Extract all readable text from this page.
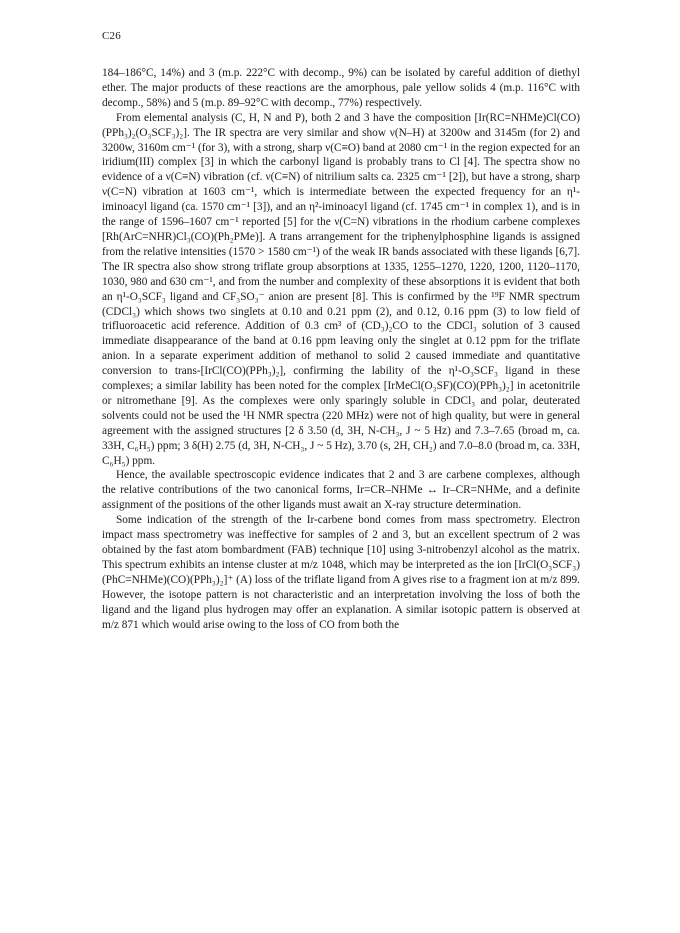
C26

184–186°C, 14%) and 3 (m.p. 222°C with decomp., 9%) can be isolated by careful addition of diethyl ether. The major products of these reactions are the amorphous, pale yellow solids 4 (m.p. 116°C with decomp., 58%) and 5 (m.p. 89–92°C with decomp., 77%) respectively.

From elemental analysis (C, H, N and P), both 2 and 3 have the composition [Ir(RC=NHMe)Cl(CO)(PPh₃)₂(O₃SCF₃)₂]. The IR spectra are very similar and show ν(N–H) at 3200w and 3145m (for 2) and 3200w, 3160m cm⁻¹ (for 3), with a strong, sharp ν(C≡O) band at 2080 cm⁻¹ in the region expected for an iridium(III) complex [3] in which the carbonyl ligand is probably trans to Cl [4]. The spectra show no evidence of a ν(C≡N) vibration (cf. ν(C≡N) of nitrilium salts ca. 2325 cm⁻¹ [2]), but have a strong, sharp ν(C=N) vibration at 1603 cm⁻¹, which is intermediate between the expected frequency for an η¹-iminoacyl ligand (ca. 1570 cm⁻¹ [3]), and an η²-iminoacyl ligand (cf. 1745 cm⁻¹ in complex 1), and is in the range of 1596–1607 cm⁻¹ reported [5] for the ν(C=N) vibrations in the rhodium carbene complexes [Rh(ArC=NHR)Cl₃(CO)(Ph₂PMe)]. A trans arrangement for the triphenylphosphine ligands is assigned from the relative intensities (1570 > 1580 cm⁻¹) of the weak IR bands associated with these ligands [6,7]. The IR spectra also show strong triflate group absorptions at 1335, 1255–1270, 1220, 1200, 1120–1170, 1030, 980 and 630 cm⁻¹, and from the number and complexity of these absorptions it is evident that both an η¹-O₃SCF₃ ligand and CF₃SO₃⁻ anion are present [8]. This is confirmed by the ¹⁹F NMR spectrum (CDCl₃) which shows two singlets at 0.10 and 0.21 ppm (2), and 0.12, 0.16 ppm (3) to low field of trifluoroacetic acid reference. Addition of 0.3 cm³ of (CD₃)₂CO to the CDCl₃ solution of 3 caused immediate disappearance of the band at 0.16 ppm leaving only the singlet at 0.12 ppm for the triflate anion. In a separate experiment addition of methanol to solid 2 caused immediate and quantitative conversion to trans-[IrCl(CO)(PPh₃)₂], confirming the lability of the η¹-O₃SCF₃ ligand in these complexes; a similar lability has been noted for the complex [IrMeCl(O₃SF)(CO)(PPh₃)₂] in acetonitrile or nitromethane [9]. As the complexes were only sparingly soluble in CDCl₃ and polar, deuterated solvents could not be used the ¹H NMR spectra (220 MHz) were not of high quality, but were in general agreement with the assigned structures [2 δ 3.50 (d, 3H, N-CH₃, J ~ 5 Hz) and 7.3–7.65 (broad m, ca. 33H, C₆H₅) ppm; 3 δ(H) 2.75 (d, 3H, N-CH₃, J ~ 5 Hz), 3.70 (s, 2H, CH₂) and 7.0–8.0 (broad m, ca. 33H, C₆H₅) ppm.

Hence, the available spectroscopic evidence indicates that 2 and 3 are carbene complexes, although the relative contributions of the two canonical forms, Ir=CR–NHMe ↔ Ir–CR=NHMe, and a definite assignment of the positions of the other ligands must await an X-ray structure determination.

Some indication of the strength of the Ir-carbene bond comes from mass spectrometry. Electron impact mass spectrometry was ineffective for samples of 2 and 3, but an excellent spectrum of 2 was obtained by the fast atom bombardment (FAB) technique [10] using 3-nitrobenzyl alcohol as the matrix. This spectrum exhibits an intense cluster at m/z 1048, which may be interpreted as the ion [IrCl(O₃SCF₃)(PhC=NHMe)(CO)(PPh₃)₂]⁺ (A) loss of the triflate ligand from A gives rise to a fragment ion at m/z 899. However, the isotope pattern is not characteristic and an interpretation involving the loss of both the ligand and the ligand plus hydrogen may offer an explanation. A similar isotopic pattern is observed at m/z 871 which would arise owing to the loss of CO from both the
